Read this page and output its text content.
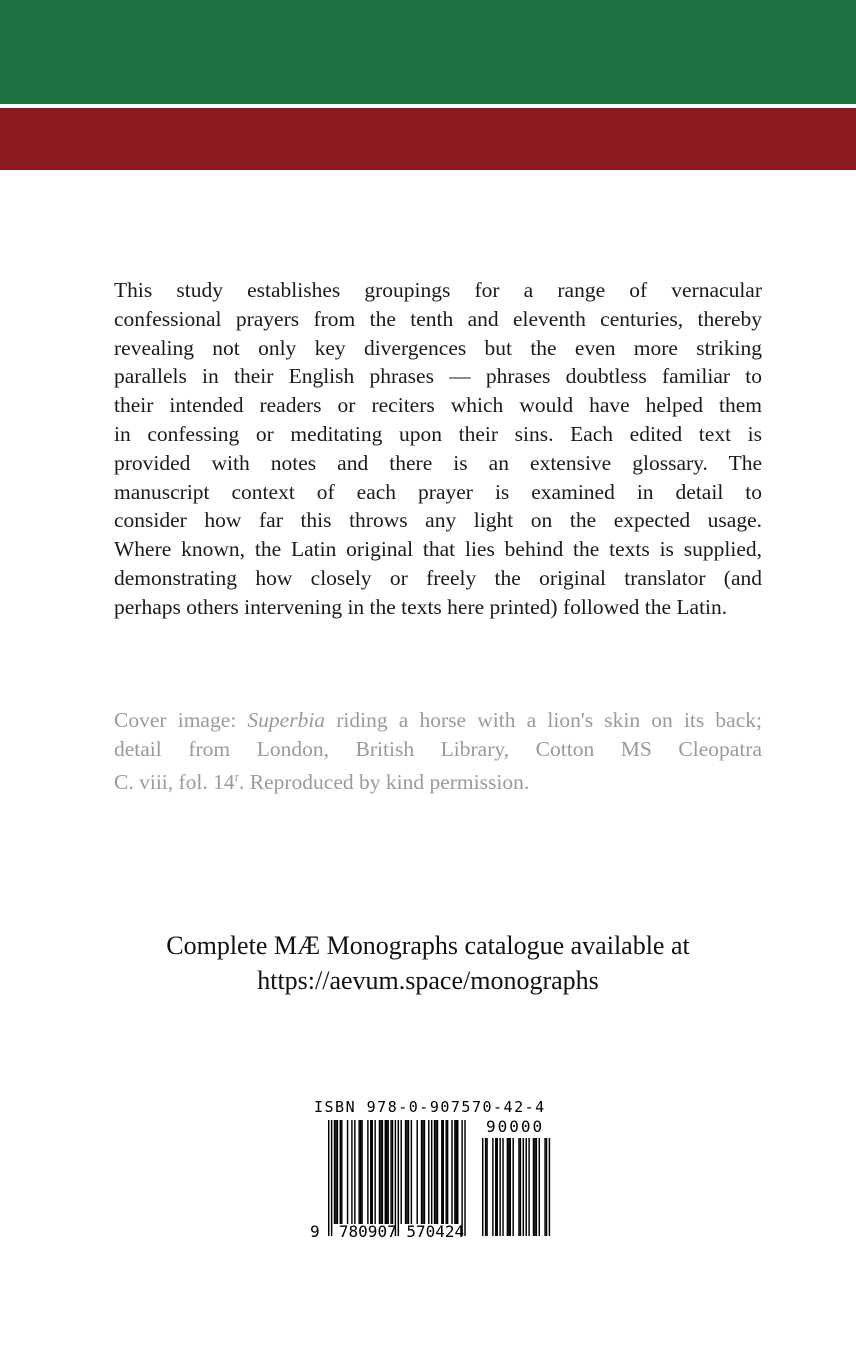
This study establishes groupings for a range of vernacular
confessional prayers from the tenth and eleventh centuries, thereby
revealing not only key divergences but the even more striking
parallels in their English phrases — phrases doubtless familiar to
their intended readers or reciters which would have helped them
in confessing or meditating upon their sins. Each edited text is
provided with notes and there is an extensive glossary. The
manuscript context of each prayer is examined in detail to
consider how far this throws any light on the expected usage.
Where known, the Latin original that lies behind the texts is supplied,
demonstrating how closely or freely the original translator (and
perhaps others intervening in the texts here printed) followed the Latin.
Cover image: Superbia riding a horse with a lion's skin on its back;
detail from London, British Library, Cotton MS Cleopatra
C. viii, fol. 14$^r$. Reproduced by kind permission.
Complete MÆ Monographs catalogue available at
https://aevum.space/monographs
ISBN 978-0-907570-42-4
90000
9 780907 570424
